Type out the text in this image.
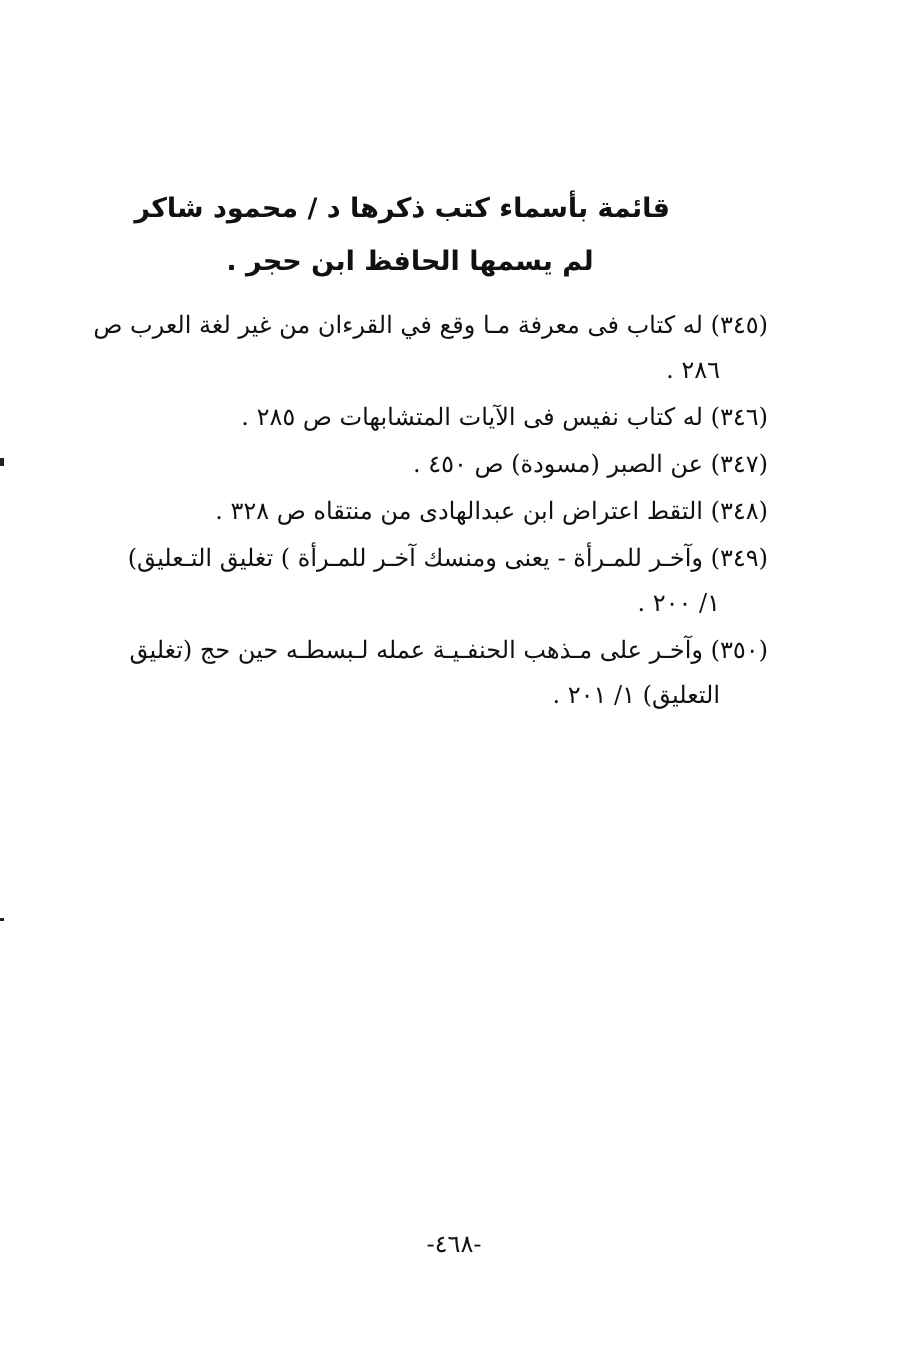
قائمة بأسماء كتب ذكرها د / محمود شاكر
لم يسمها الحافظ ابن حجر .
(٣٤٥) له كتاب فى معرفة مـا وقع في القرءان من غير لغة العرب ص
٢٨٦ .
(٣٤٦) له كتاب نفيس فى الآيات المتشابهات ص ٢٨٥ .
(٣٤٧) عن الصبر (مسودة) ص ٤٥٠ .
(٣٤٨) التقط اعتراض ابن عبدالهادى من منتقاه ص ٣٢٨ .
(٣٤٩) وآخـر للمـرأة - يعنى ومنسك آخـر للمـرأة ) تغليق التـعليق)
١/ ٢٠٠ .
(٣٥٠) وآخـر على مـذهب الحنفـيـة عمله لـبسطـه حين حج (تغليق
التعليق) ١/ ٢٠١ .
-٤٦٨-
